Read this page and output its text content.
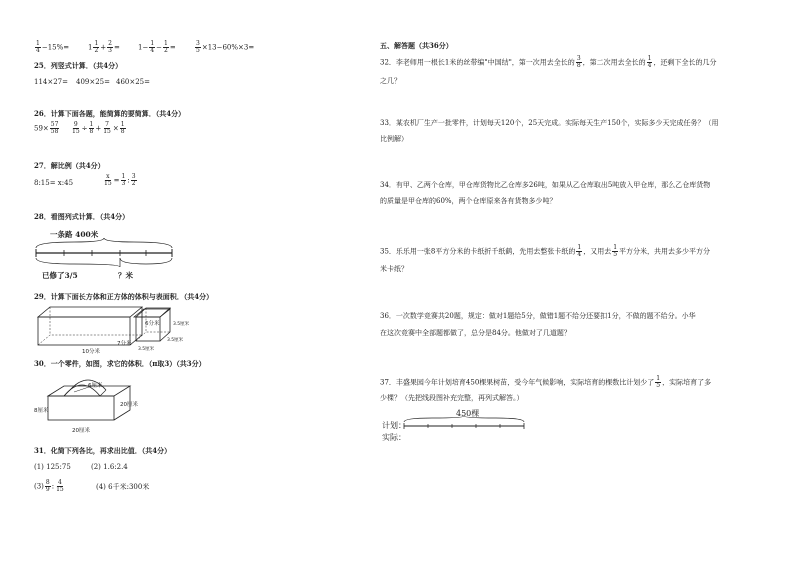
$\frac{1}{4} -15\%=$	$1 \frac{1}{2} + \frac{2}{3}$ =	$1- \frac{1}{4} - \frac{1}{2}$ =	$\frac{3}{5} \times 13-60\%\times 3=$
25．列竖式计算．（共4分）
114×27= 409×25= 460×25=
26．计算下面各题，能简算的要简算．（共4分）
$59\times \frac{57}{58} \frac{9}{15} \div \frac{1}{8} + \frac{7}{15} \times \frac{1}{8}$
27．解比例（共4分）
8:15= x:45	$\frac{x}{15} = \frac{1}{3}$ : $\frac{3}{2}$
28．看图列式计算．（共4分）
一条路 400米
已修了3/5	？米
29．计算下面长方体和正方体的体积与表面积．（共4分）
6分米
7分米
10分米
3.5厘米
3.5厘米
3.5厘米
30．一个零件，如图，求它的体积．（π取3）（共3分）
6厘米
8厘米
20厘米
20厘米
31．化简下列各比，再求出比值．（共4分）
(1) 125:75	(2) 1.6:2.4
$(3) \frac{8}{9}$ : $\frac{4}{15}$	(4) 6千米:300米
五、解答题（共36分）
32．李老师用一根长1米的丝带编"中国结"，第一次用去全长的 $\frac{3}{8}$ ，第二次用去全长的 $\frac{1}{4}$ ，还剩下全长的几分
之几？
33．某农机厂生产一批零件，计划每天120个，25天完成。实际每天生产150个，实际多少天完成任务？（用
比例解）
34．有甲、乙两个仓库，甲仓库货物比乙仓库多26吨，如果从乙仓库取出5吨放入甲仓库，那么乙仓库货物
的质量是甲仓库的60%，两个仓库原来各有货物多少吨？
35．乐乐用一张8平方分米的卡纸折千纸鹤，先用去整张卡纸的 $\frac{1}{4}$ ，又用去 $\frac{1}{5}$ 平方分米，共用去多少平方分
米卡纸？
36．一次数学竞赛共20题，规定：做对1题给5分，做错1题不给分还要扣1分，不做的题不给分。小华
在这次竞赛中全部题都做了，总分是84分。他做对了几道题？
37．丰盛果园今年计划培育450棵果树苗，受今年气候影响，实际培育的棵数比计划少了 $\frac{1}{5}$ ，实际培育了多
少棵？（先把线段图补充完整，再列式解答。）
450棵
计划：
实际：
